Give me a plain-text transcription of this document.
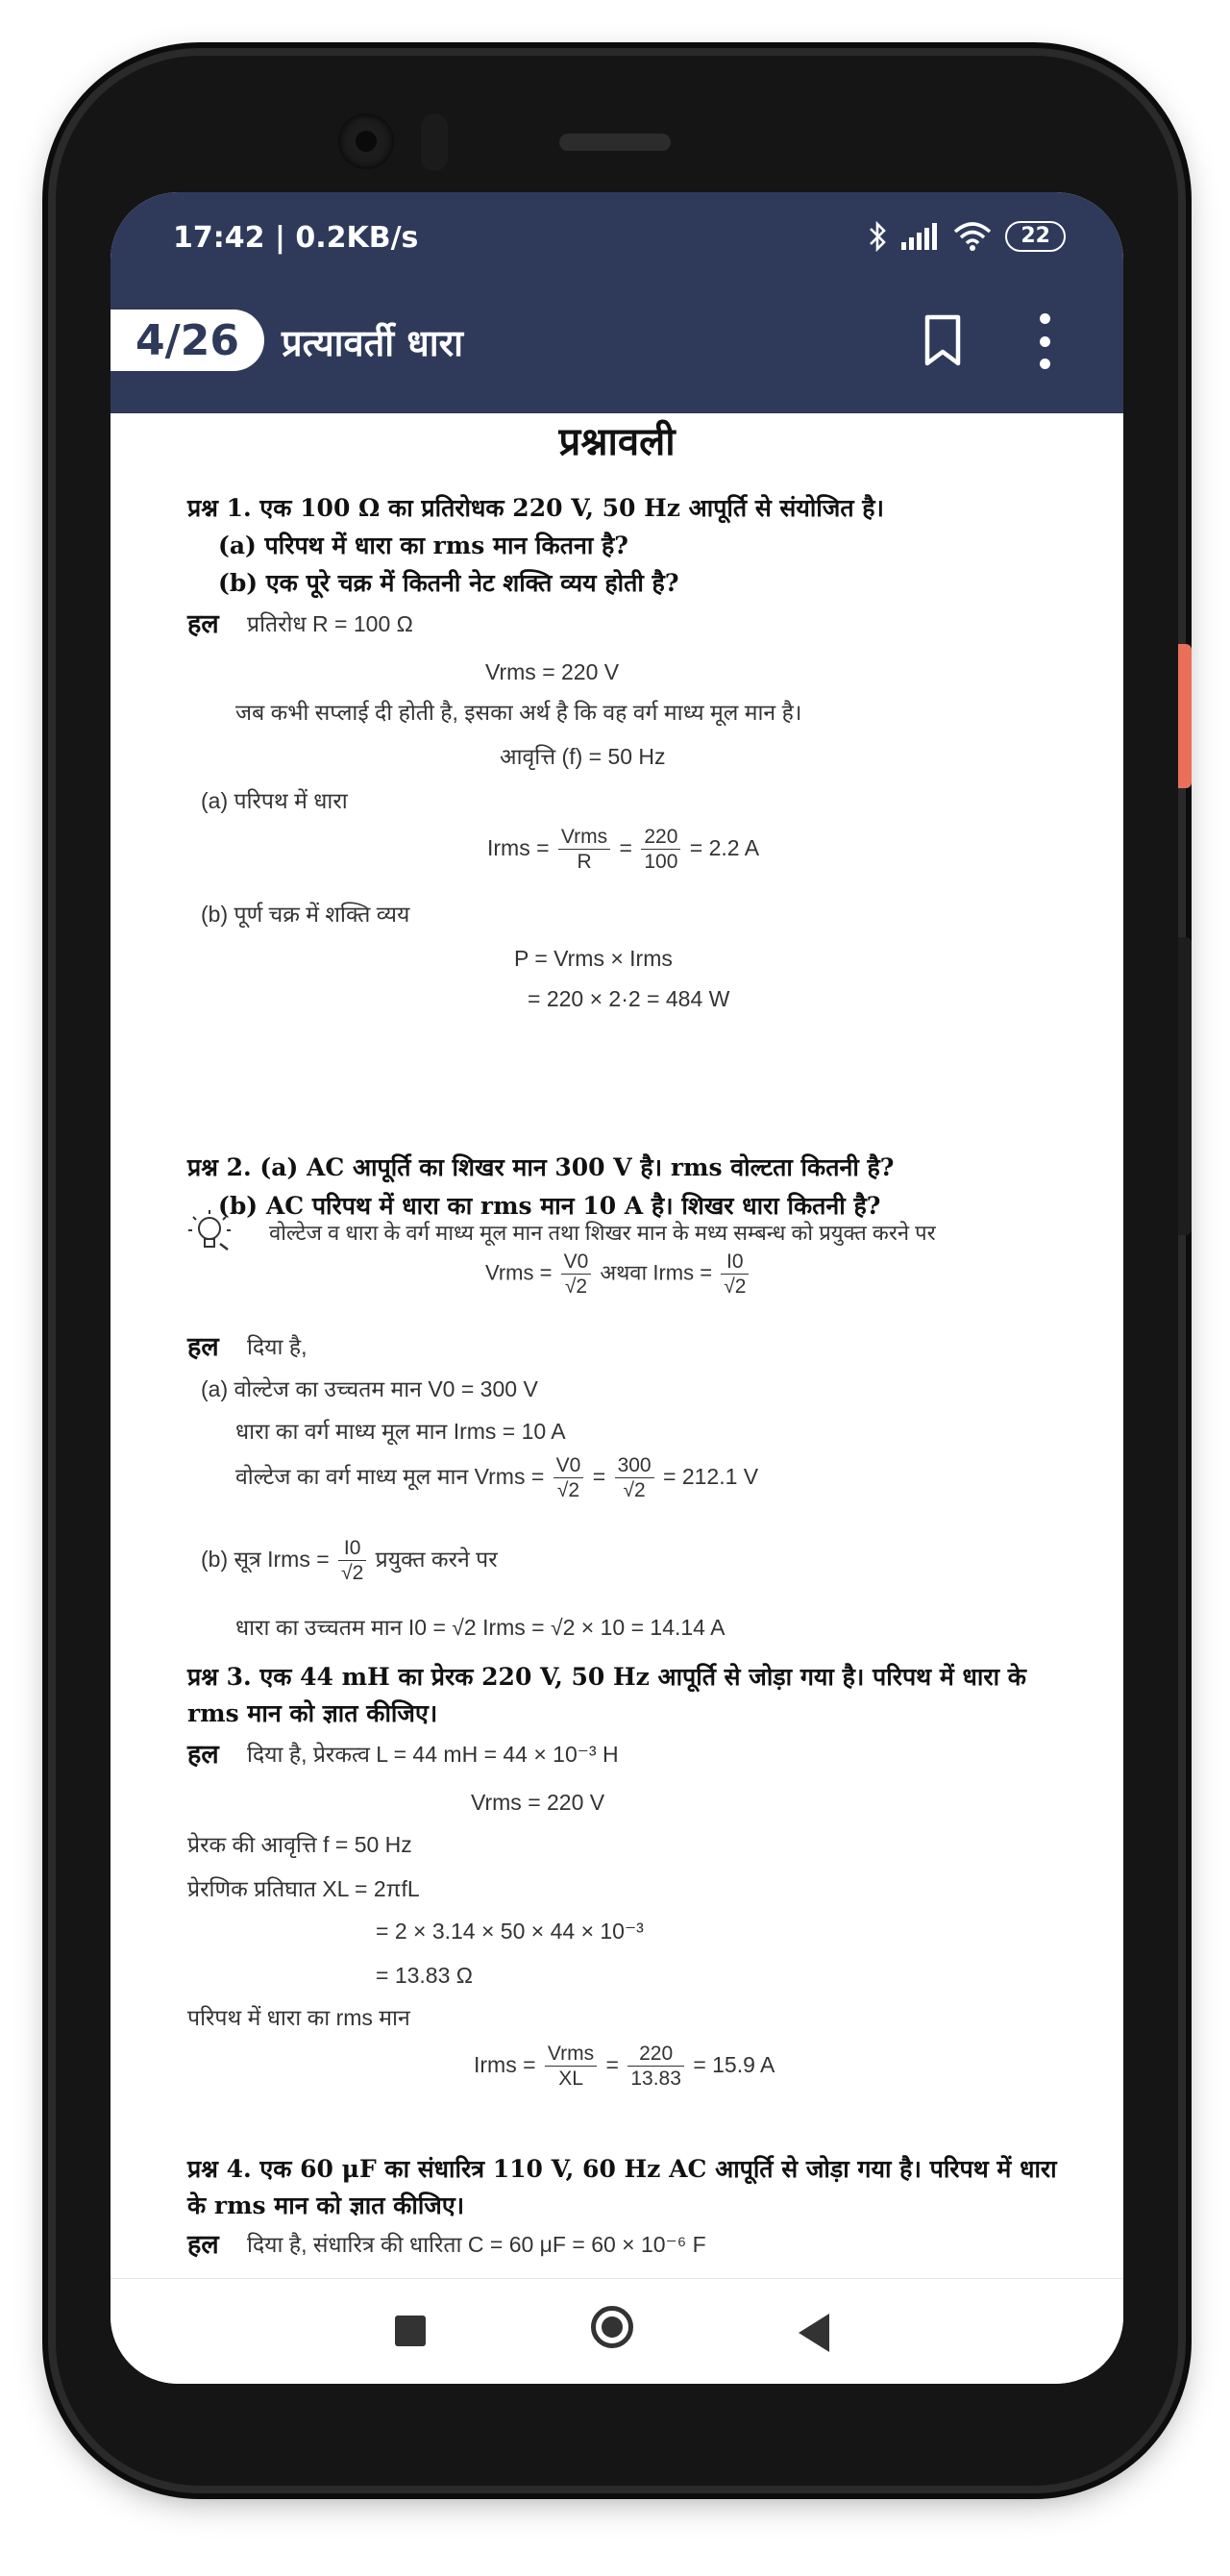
17:42 | 0.2KB/s	22
4/26	प्रत्यावर्ती धारा
प्रश्नावली
प्रश्न 1. एक 100 Ω का प्रतिरोधक 220 V, 50 Hz आपूर्ति से संयोजित है।
(a) परिपथ में धारा का rms मान कितना है?
(b) एक पूरे चक्र में कितनी नेट शक्ति व्यय होती है?
हल प्रतिरोध R = 100 Ω
Vrms = 220 V
जब कभी सप्लाई दी होती है, इसका अर्थ है कि वह वर्ग माध्य मूल मान है।
आवृत्ति (f) = 50 Hz
(a) परिपथ में धारा
Irms = $\frac{\text{Vrms}}{R} = \frac{220}{100} = 2.2$ A
(b) पूर्ण चक्र में शक्ति व्यय
P = Vrms × Irms
= 220 × 2·2 = 484 W
प्रश्न 2. (a) AC आपूर्ति का शिखर मान 300 V है। rms वोल्टता कितनी है?
(b) AC परिपथ में धारा का rms मान 10 A है। शिखर धारा कितनी है?
वोल्टेज व धारा के वर्ग माध्य मूल मान तथा शिखर मान के मध्य सम्बन्ध को प्रयुक्त करने पर
Vrms = $\frac{V0}{√2}$ अथवा Irms = $\frac{I0}{√2}$
हल दिया है,
(a) वोल्टेज का उच्चतम मान V0 = 300 V
धारा का वर्ग माध्य मूल मान Irms = 10 A
वोल्टेज का वर्ग माध्य मूल मान Vrms = $\frac{V0}{√2} = \frac{300}{√2} = 212.1$ V
(b) सूत्र Irms = $\frac{I0}{√2}$ प्रयुक्त करने पर
धारा का उच्चतम मान I0 = √2 Irms = √2 × 10 = 14.14 A
प्रश्न 3. एक 44 mH का प्रेरक 220 V, 50 Hz आपूर्ति से जोड़ा गया है। परिपथ में धारा के
rms मान को ज्ञात कीजिए।
हल दिया है, प्रेरकत्व L = 44 mH = 44 × 10⁻³ H
Vrms = 220 V
प्रेरक की आवृत्ति f = 50 Hz
प्रेरणिक प्रतिघात XL = 2πfL
= 2 × 3.14 × 50 × 44 × 10⁻³
= 13.83 Ω
परिपथ में धारा का rms मान
Irms = $\frac{\text{Vrms}}{XL} = \frac{220}{13.83} = 15.9$ A
प्रश्न 4. एक 60 μF का संधारित्र 110 V, 60 Hz AC आपूर्ति से जोड़ा गया है। परिपथ में धारा
के rms मान को ज्ञात कीजिए।
हल दिया है, संधारित्र की धारिता C = 60 μF = 60 × 10⁻⁶ F
